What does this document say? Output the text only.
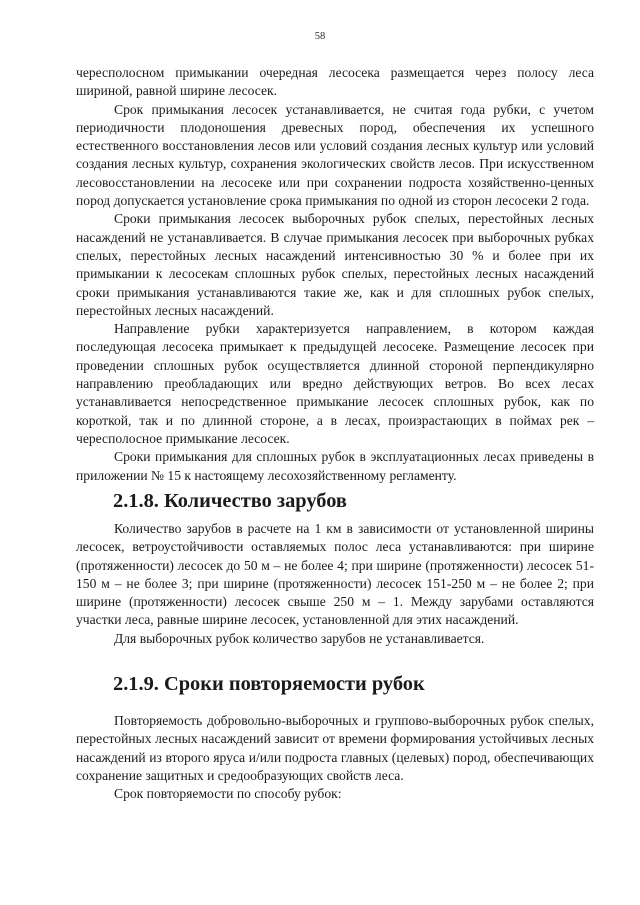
58

чересполосном примыкании очередная лесосека размещается через полосу леса шириной, равной ширине лесосек.

Срок примыкания лесосек устанавливается, не считая года рубки, с учетом периодичности плодоношения древесных пород, обеспечения их успешного естественного восстановления лесов или условий создания лесных культур или условий создания лесных культур, сохранения экологических свойств лесов. При искусственном лесовосстановлении на лесосеке или при сохранении подроста хозяйственно-ценных пород допускается установление срока примыкания по одной из сторон лесосеки 2 года.

Сроки примыкания лесосек выборочных рубок спелых, перестойных лесных насаждений не устанавливается. В случае примыкания лесосек при выборочных рубках спелых, перестойных лесных насаждений интенсивностью 30 % и более при их примыкании к лесосекам сплошных рубок спелых, перестойных лесных насаждений сроки примыкания устанавливаются такие же, как и для сплошных рубок спелых, перестойных лесных насаждений.

Направление рубки характеризуется направлением, в котором каждая последующая лесосека примыкает к предыдущей лесосеке. Размещение лесосек при проведении сплошных рубок осуществляется длинной стороной перпендикулярно направлению преобладающих или вредно действующих ветров. Во всех лесах устанавливается непосредственное примыкание лесосек сплошных рубок, как по короткой, так и по длинной стороне, а в лесах, произрастающих в поймах рек – чересполосное примыкание лесосек.

Сроки примыкания для сплошных рубок в эксплуатационных лесах приведены в приложении № 15 к настоящему лесохозяйственному регламенту.

2.1.8. Количество зарубов

Количество зарубов в расчете на 1 км в зависимости от установленной ширины лесосек, ветроустойчивости оставляемых полос леса устанавливаются: при ширине (протяженности) лесосек до 50 м – не более 4; при ширине (протяженности) лесосек 51-150 м – не более 3; при ширине (протяженности) лесосек 151-250 м – не более 2; при ширине (протяженности) лесосек свыше 250 м – 1. Между зарубами оставляются участки леса, равные ширине лесосек, установленной для этих насаждений.

Для выборочных рубок количество зарубов не устанавливается.

2.1.9. Сроки повторяемости рубок

Повторяемость добровольно-выборочных и группово-выборочных рубок спелых, перестойных лесных насаждений зависит от времени формирования устойчивых лесных насаждений из второго яруса и/или подроста главных (целевых) пород, обеспечивающих сохранение защитных и средообразующих свойств леса.

Срок повторяемости по способу рубок:
